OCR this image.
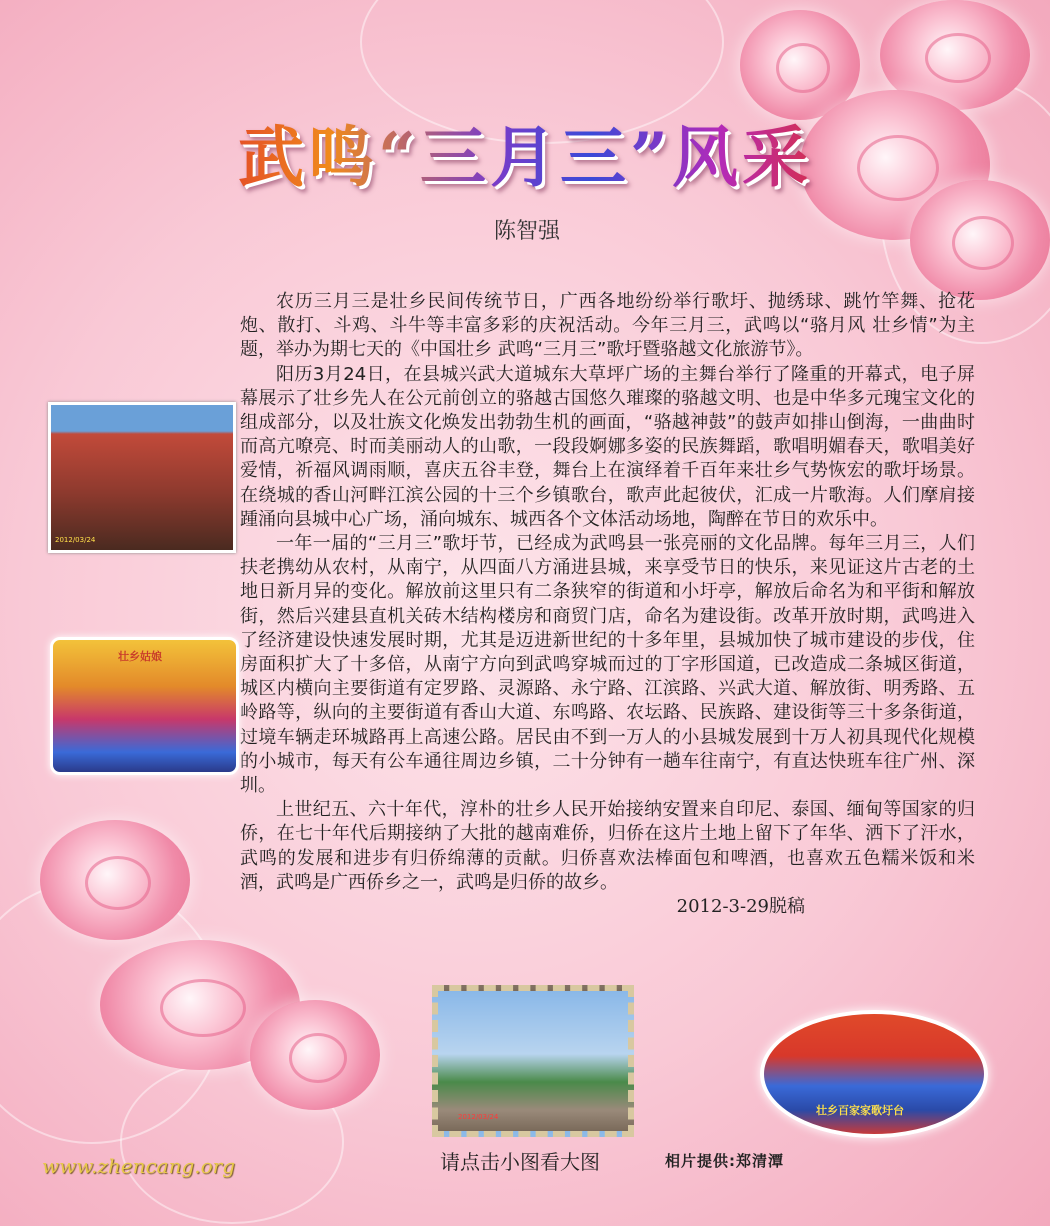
武鸣“三月三”风采
陈智强

农历三月三是壮乡民间传统节日，广西各地纷纷举行歌圩、抛绣球、跳竹竿舞、抢花炮、散打、斗鸡、斗牛等丰富多彩的庆祝活动。今年三月三，武鸣以“骆月风 壮乡情”为主题，举办为期七天的《中国壮乡 武鸣“三月三”歌圩暨骆越文化旅游节》。

阳历3月24日，在县城兴武大道城东大草坪广场的主舞台举行了隆重的开幕式，电子屏幕展示了壮乡先人在公元前创立的骆越古国悠久璀璨的骆越文明、也是中华多元瑰宝文化的组成部分，以及壮族文化焕发出勃勃生机的画面，“骆越神鼓”的鼓声如排山倒海，一曲曲时而高亢嘹亮、时而美丽动人的山歌，一段段婀娜多姿的民族舞蹈，歌唱明媚春天，歌唱美好爱情，祈福风调雨顺，喜庆五谷丰登，舞台上在演绎着千百年来壮乡气势恢宏的歌圩场景。在绕城的香山河畔江滨公园的十三个乡镇歌台，歌声此起彼伏，汇成一片歌海。人们摩肩接踵涌向县城中心广场，涌向城东、城西各个文体活动场地，陶醉在节日的欢乐中。

一年一届的“三月三”歌圩节，已经成为武鸣县一张亮丽的文化品牌。每年三月三，人们扶老携幼从农村，从南宁，从四面八方涌进县城，来享受节日的快乐，来见证这片古老的土地日新月异的变化。解放前这里只有二条狭窄的街道和小圩亭，解放后命名为和平街和解放街，然后兴建县直机关砖木结构楼房和商贸门店，命名为建设街。改革开放时期，武鸣进入了经济建设快速发展时期，尤其是迈进新世纪的十多年里，县城加快了城市建设的步伐，住房面积扩大了十多倍，从南宁方向到武鸣穿城而过的丁字形国道，已改造成二条城区街道，城区内横向主要街道有定罗路、灵源路、永宁路、江滨路、兴武大道、解放街、明秀路、五岭路等，纵向的主要街道有香山大道、东鸣路、农坛路、民族路、建设街等三十多条街道，过境车辆走环城路再上高速公路。居民由不到一万人的小县城发展到十万人初具现代化规模的小城市，每天有公车通往周边乡镇，二十分钟有一趟车往南宁，有直达快班车往广州、深圳。

上世纪五、六十年代，淳朴的壮乡人民开始接纳安置来自印尼、泰国、缅甸等国家的归侨，在七十年代后期接纳了大批的越南难侨，归侨在这片土地上留下了年华、洒下了汗水，武鸣的发展和进步有归侨绵薄的贡献。归侨喜欢法棒面包和啤酒，也喜欢五色糯米饭和米酒，武鸣是广西侨乡之一，武鸣是归侨的故乡。

2012-3-29脱稿
2012/03/24
壮乡姑娘
2012/03/24	壮乡百家家歌圩台
请点击小图看大图	相片提供:郑清潭
www.zhencang.org
